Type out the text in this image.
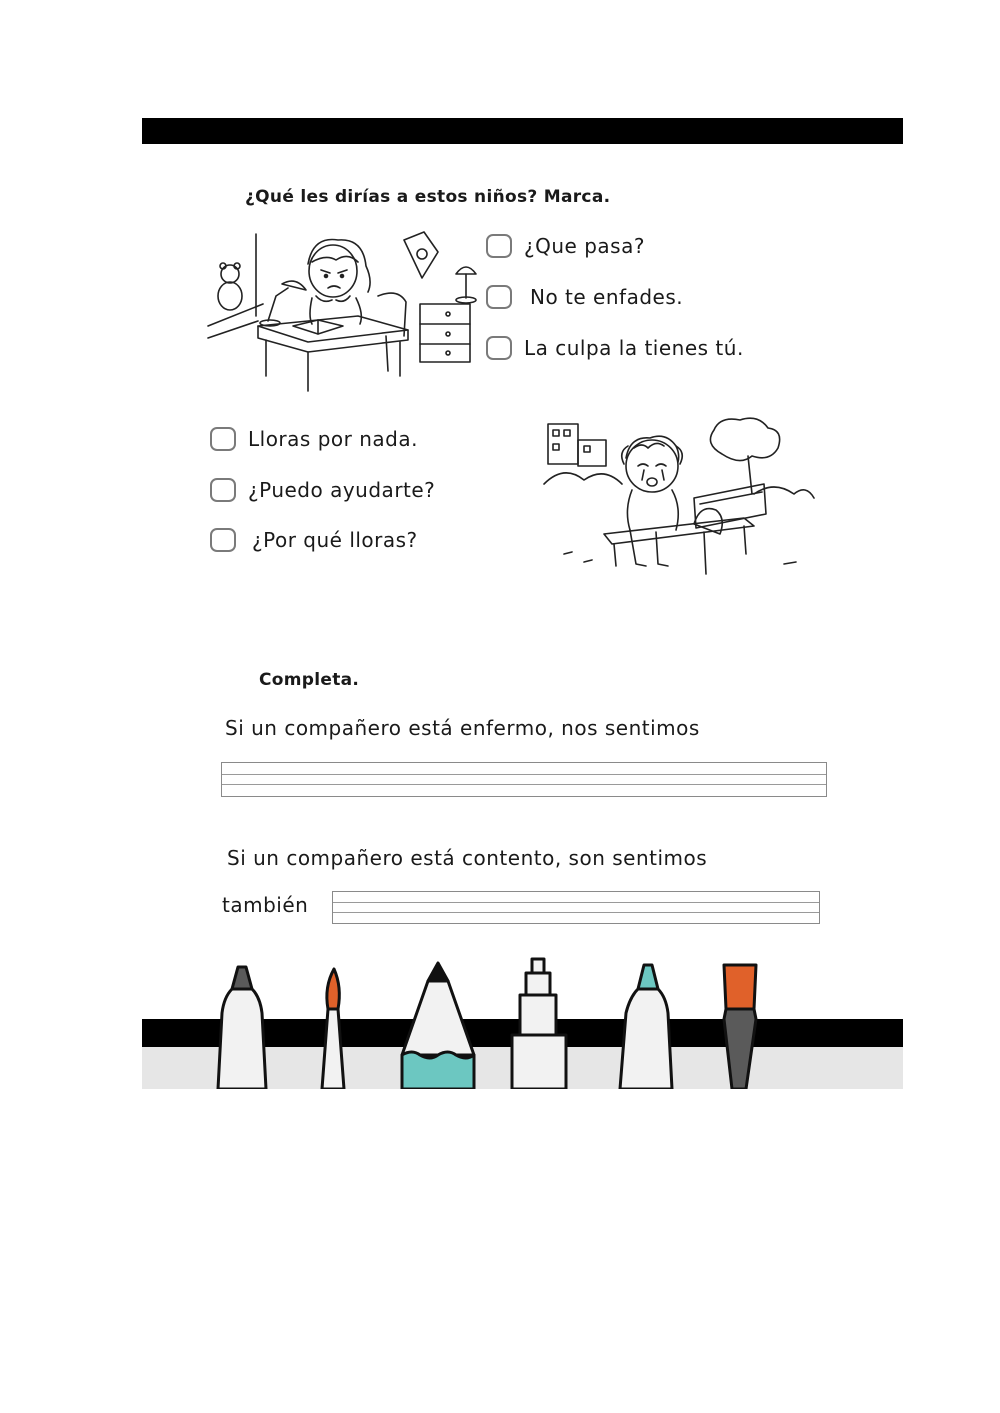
¿Qué les dirías a estos niños? Marca.
¿Que pasa?
No te enfades.
La culpa la tienes tú.
Lloras por nada.
¿Puedo ayudarte?
¿Por qué lloras?
Completa.
Si un compañero está enfermo, nos sentimos
Si un compañero está contento, son sentimos
también
